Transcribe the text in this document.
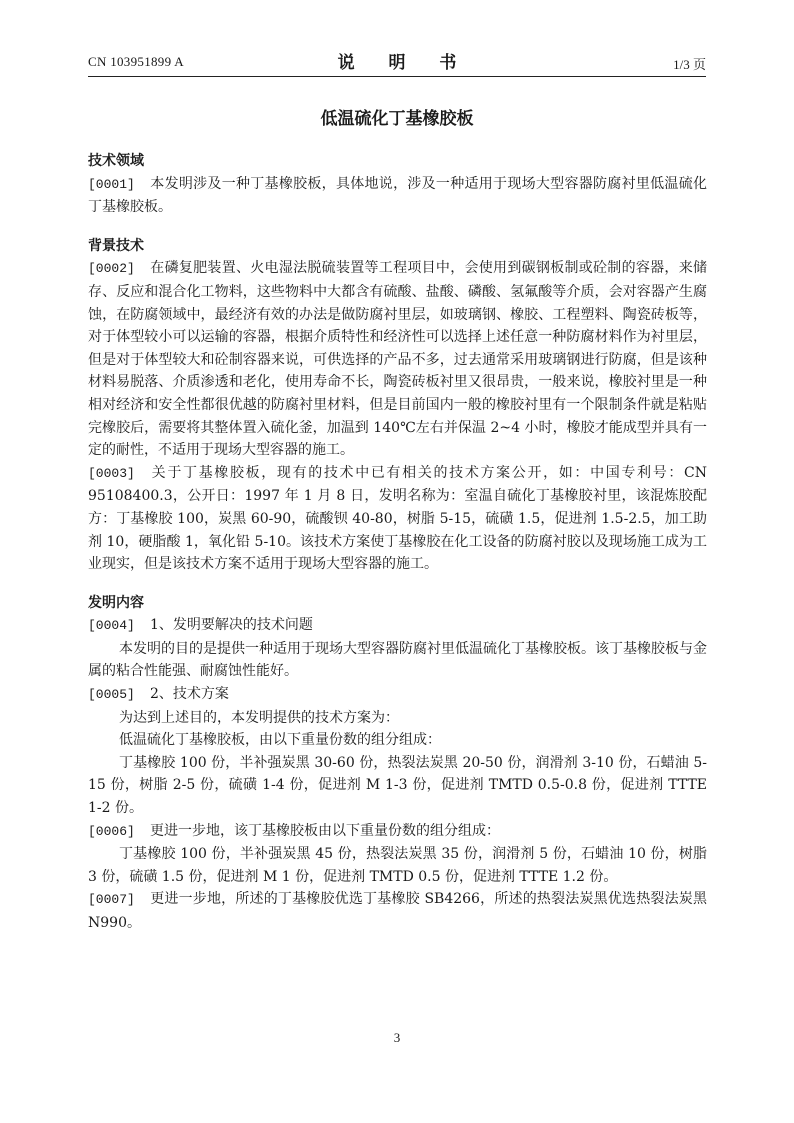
CN 103951899 A	说 明 书	1/3 页
低温硫化丁基橡胶板
技术领域
[0001] 本发明涉及一种丁基橡胶板，具体地说，涉及一种适用于现场大型容器防腐衬里低温硫化丁基橡胶板。
背景技术
[0002] 在磷复肥装置、火电湿法脱硫装置等工程项目中，会使用到碳钢板制或砼制的容器，来储存、反应和混合化工物料，这些物料中大都含有硫酸、盐酸、磷酸、氢氟酸等介质，会对容器产生腐蚀，在防腐领域中，最经济有效的办法是做防腐衬里层，如玻璃钢、橡胶、工程塑料、陶瓷砖板等，对于体型较小可以运输的容器，根据介质特性和经济性可以选择上述任意一种防腐材料作为衬里层，但是对于体型较大和砼制容器来说，可供选择的产品不多，过去通常采用玻璃钢进行防腐，但是该种材料易脱落、介质渗透和老化，使用寿命不长，陶瓷砖板衬里又很昂贵，一般来说，橡胶衬里是一种相对经济和安全性都很优越的防腐衬里材料，但是目前国内一般的橡胶衬里有一个限制条件就是粘贴完橡胶后，需要将其整体置入硫化釜，加温到 140℃左右并保温 2~4 小时，橡胶才能成型并具有一定的耐性，不适用于现场大型容器的施工。
[0003] 关于丁基橡胶板，现有的技术中已有相关的技术方案公开，如：中国专利号：CN 95108400.3，公开日：1997 年 1 月 8 日，发明名称为：室温自硫化丁基橡胶衬里，该混炼胶配方：丁基橡胶 100，炭黑 60-90，硫酸钡 40-80，树脂 5-15，硫磺 1.5，促进剂 1.5-2.5，加工助剂 10，硬脂酸 1，氧化铅 5-10。该技术方案使丁基橡胶在化工设备的防腐衬胶以及现场施工成为工业现实，但是该技术方案不适用于现场大型容器的施工。
发明内容
[0004] 1、发明要解决的技术问题
本发明的目的是提供一种适用于现场大型容器防腐衬里低温硫化丁基橡胶板。该丁基橡胶板与金属的粘合性能强、耐腐蚀性能好。
[0005] 2、技术方案
为达到上述目的，本发明提供的技术方案为：
低温硫化丁基橡胶板，由以下重量份数的组分组成：
丁基橡胶 100 份，半补强炭黑 30-60 份，热裂法炭黑 20-50 份，润滑剂 3-10 份，石蜡油 5-15 份，树脂 2-5 份，硫磺 1-4 份，促进剂 M 1-3 份，促进剂 TMTD 0.5-0.8 份，促进剂 TTTE 1-2 份。
[0006] 更进一步地，该丁基橡胶板由以下重量份数的组分组成：
丁基橡胶 100 份，半补强炭黑 45 份，热裂法炭黑 35 份，润滑剂 5 份，石蜡油 10 份，树脂 3 份，硫磺 1.5 份，促进剂 M 1 份，促进剂 TMTD 0.5 份，促进剂 TTTE 1.2 份。
[0007] 更进一步地，所述的丁基橡胶优选丁基橡胶 SB4266，所述的热裂法炭黑优选热裂法炭黑 N990。
3
